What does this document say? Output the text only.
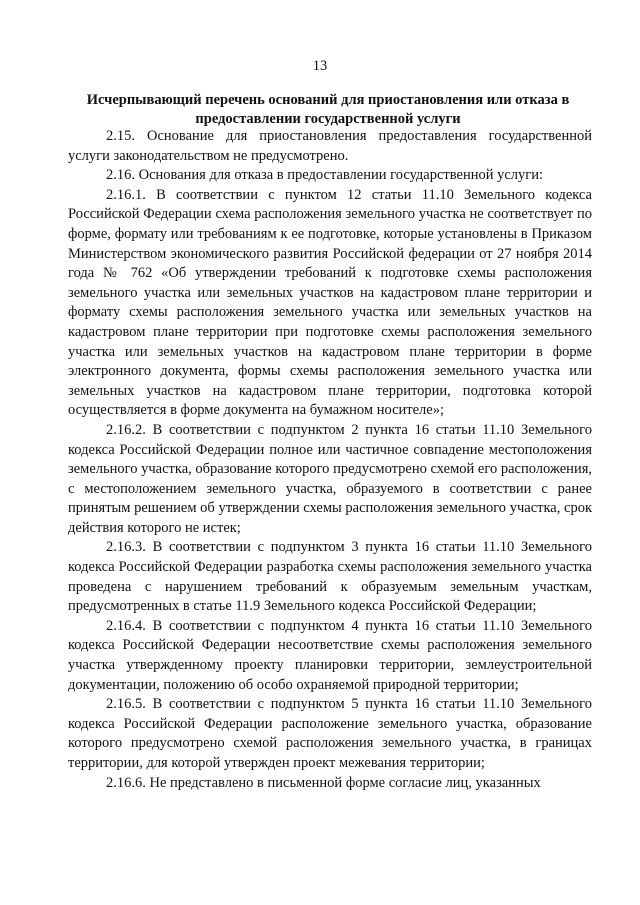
13
Исчерпывающий перечень оснований для приостановления или отказа в предоставлении государственной услуги

2.15. Основание для приостановления предоставления государственной услуги законодательством не предусмотрено.

2.16. Основания для отказа в предоставлении государственной услуги:

2.16.1. В соответствии с пунктом 12 статьи 11.10 Земельного кодекса Российской Федерации схема расположения земельного участка не соответствует по форме, формату или требованиям к ее подготовке, которые установлены в Приказом Министерством экономического развития Российской федерации от 27 ноября 2014 года № 762 «Об утверждении требований к подготовке схемы расположения земельного участка или земельных участков на кадастровом плане территории и формату схемы расположения земельного участка или земельных участков на кадастровом плане территории при подготовке схемы расположения земельного участка или земельных участков на кадастровом плане территории в форме электронного документа, формы схемы расположения земельного участка или земельных участков на кадастровом плане территории, подготовка которой осуществляется в форме документа на бумажном носителе»;

2.16.2. В соответствии с подпунктом 2 пункта 16 статьи 11.10 Земельного кодекса Российской Федерации полное или частичное совпадение местоположения земельного участка, образование которого предусмотрено схемой его расположения, с местоположением земельного участка, образуемого в соответствии с ранее принятым решением об утверждении схемы расположения земельного участка, срок действия которого не истек;

2.16.3. В соответствии с подпунктом 3 пункта 16 статьи 11.10 Земельного кодекса Российской Федерации разработка схемы расположения земельного участка проведена с нарушением требований к образуемым земельным участкам, предусмотренных в статье 11.9 Земельного кодекса Российской Федерации;

2.16.4. В соответствии с подпунктом 4 пункта 16 статьи 11.10 Земельного кодекса Российской Федерации несоответствие схемы расположения земельного участка утвержденному проекту планировки территории, землеустроительной документации, положению об особо охраняемой природной территории;

2.16.5. В соответствии с подпунктом 5 пункта 16 статьи 11.10 Земельного кодекса Российской Федерации расположение земельного участка, образование которого предусмотрено схемой расположения земельного участка, в границах территории, для которой утвержден проект межевания территории;

2.16.6. Не представлено в письменной форме согласие лиц, указанных
